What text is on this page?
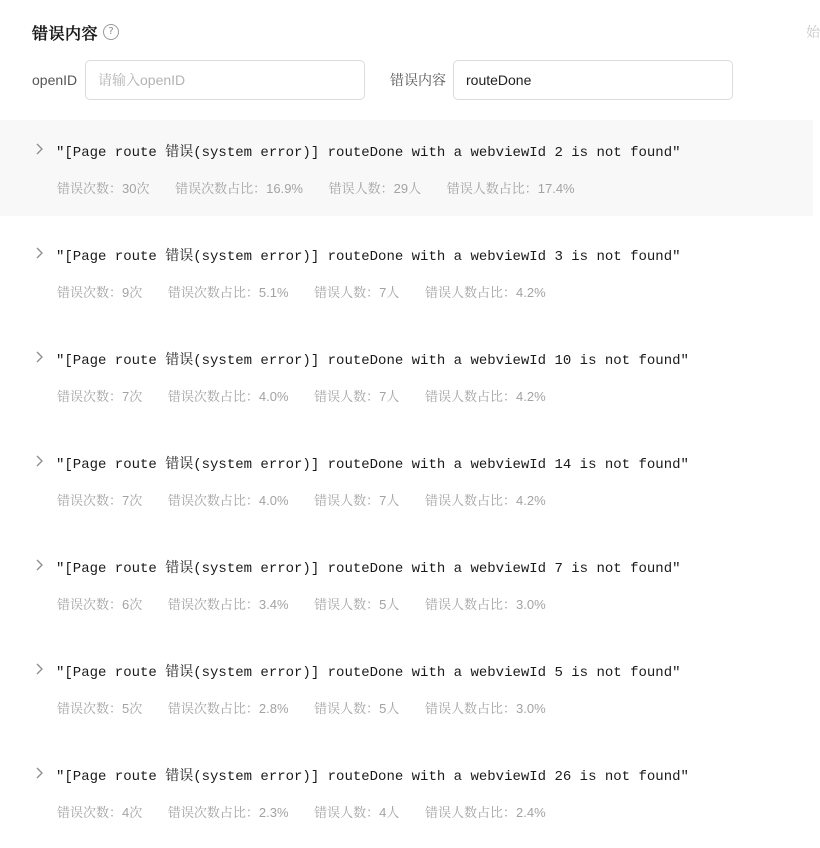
错误内容	?	始
openID
请输入openID	错误内容
routeDone
"[Page route 错误(system error)] routeDone with a webviewId 2 is not found"
错误次数：30次 错误次数占比：16.9% 错误人数：29人 错误人数占比：17.4%
"[Page route 错误(system error)] routeDone with a webviewId 3 is not found"
错误次数：9次 错误次数占比：5.1% 错误人数：7人 错误人数占比：4.2%
"[Page route 错误(system error)] routeDone with a webviewId 10 is not found"
错误次数：7次 错误次数占比：4.0% 错误人数：7人 错误人数占比：4.2%
"[Page route 错误(system error)] routeDone with a webviewId 14 is not found"
错误次数：7次 错误次数占比：4.0% 错误人数：7人 错误人数占比：4.2%
"[Page route 错误(system error)] routeDone with a webviewId 7 is not found"
错误次数：6次 错误次数占比：3.4% 错误人数：5人 错误人数占比：3.0%
"[Page route 错误(system error)] routeDone with a webviewId 5 is not found"
错误次数：5次 错误次数占比：2.8% 错误人数：5人 错误人数占比：3.0%
"[Page route 错误(system error)] routeDone with a webviewId 26 is not found"
错误次数：4次 错误次数占比：2.3% 错误人数：4人 错误人数占比：2.4%
